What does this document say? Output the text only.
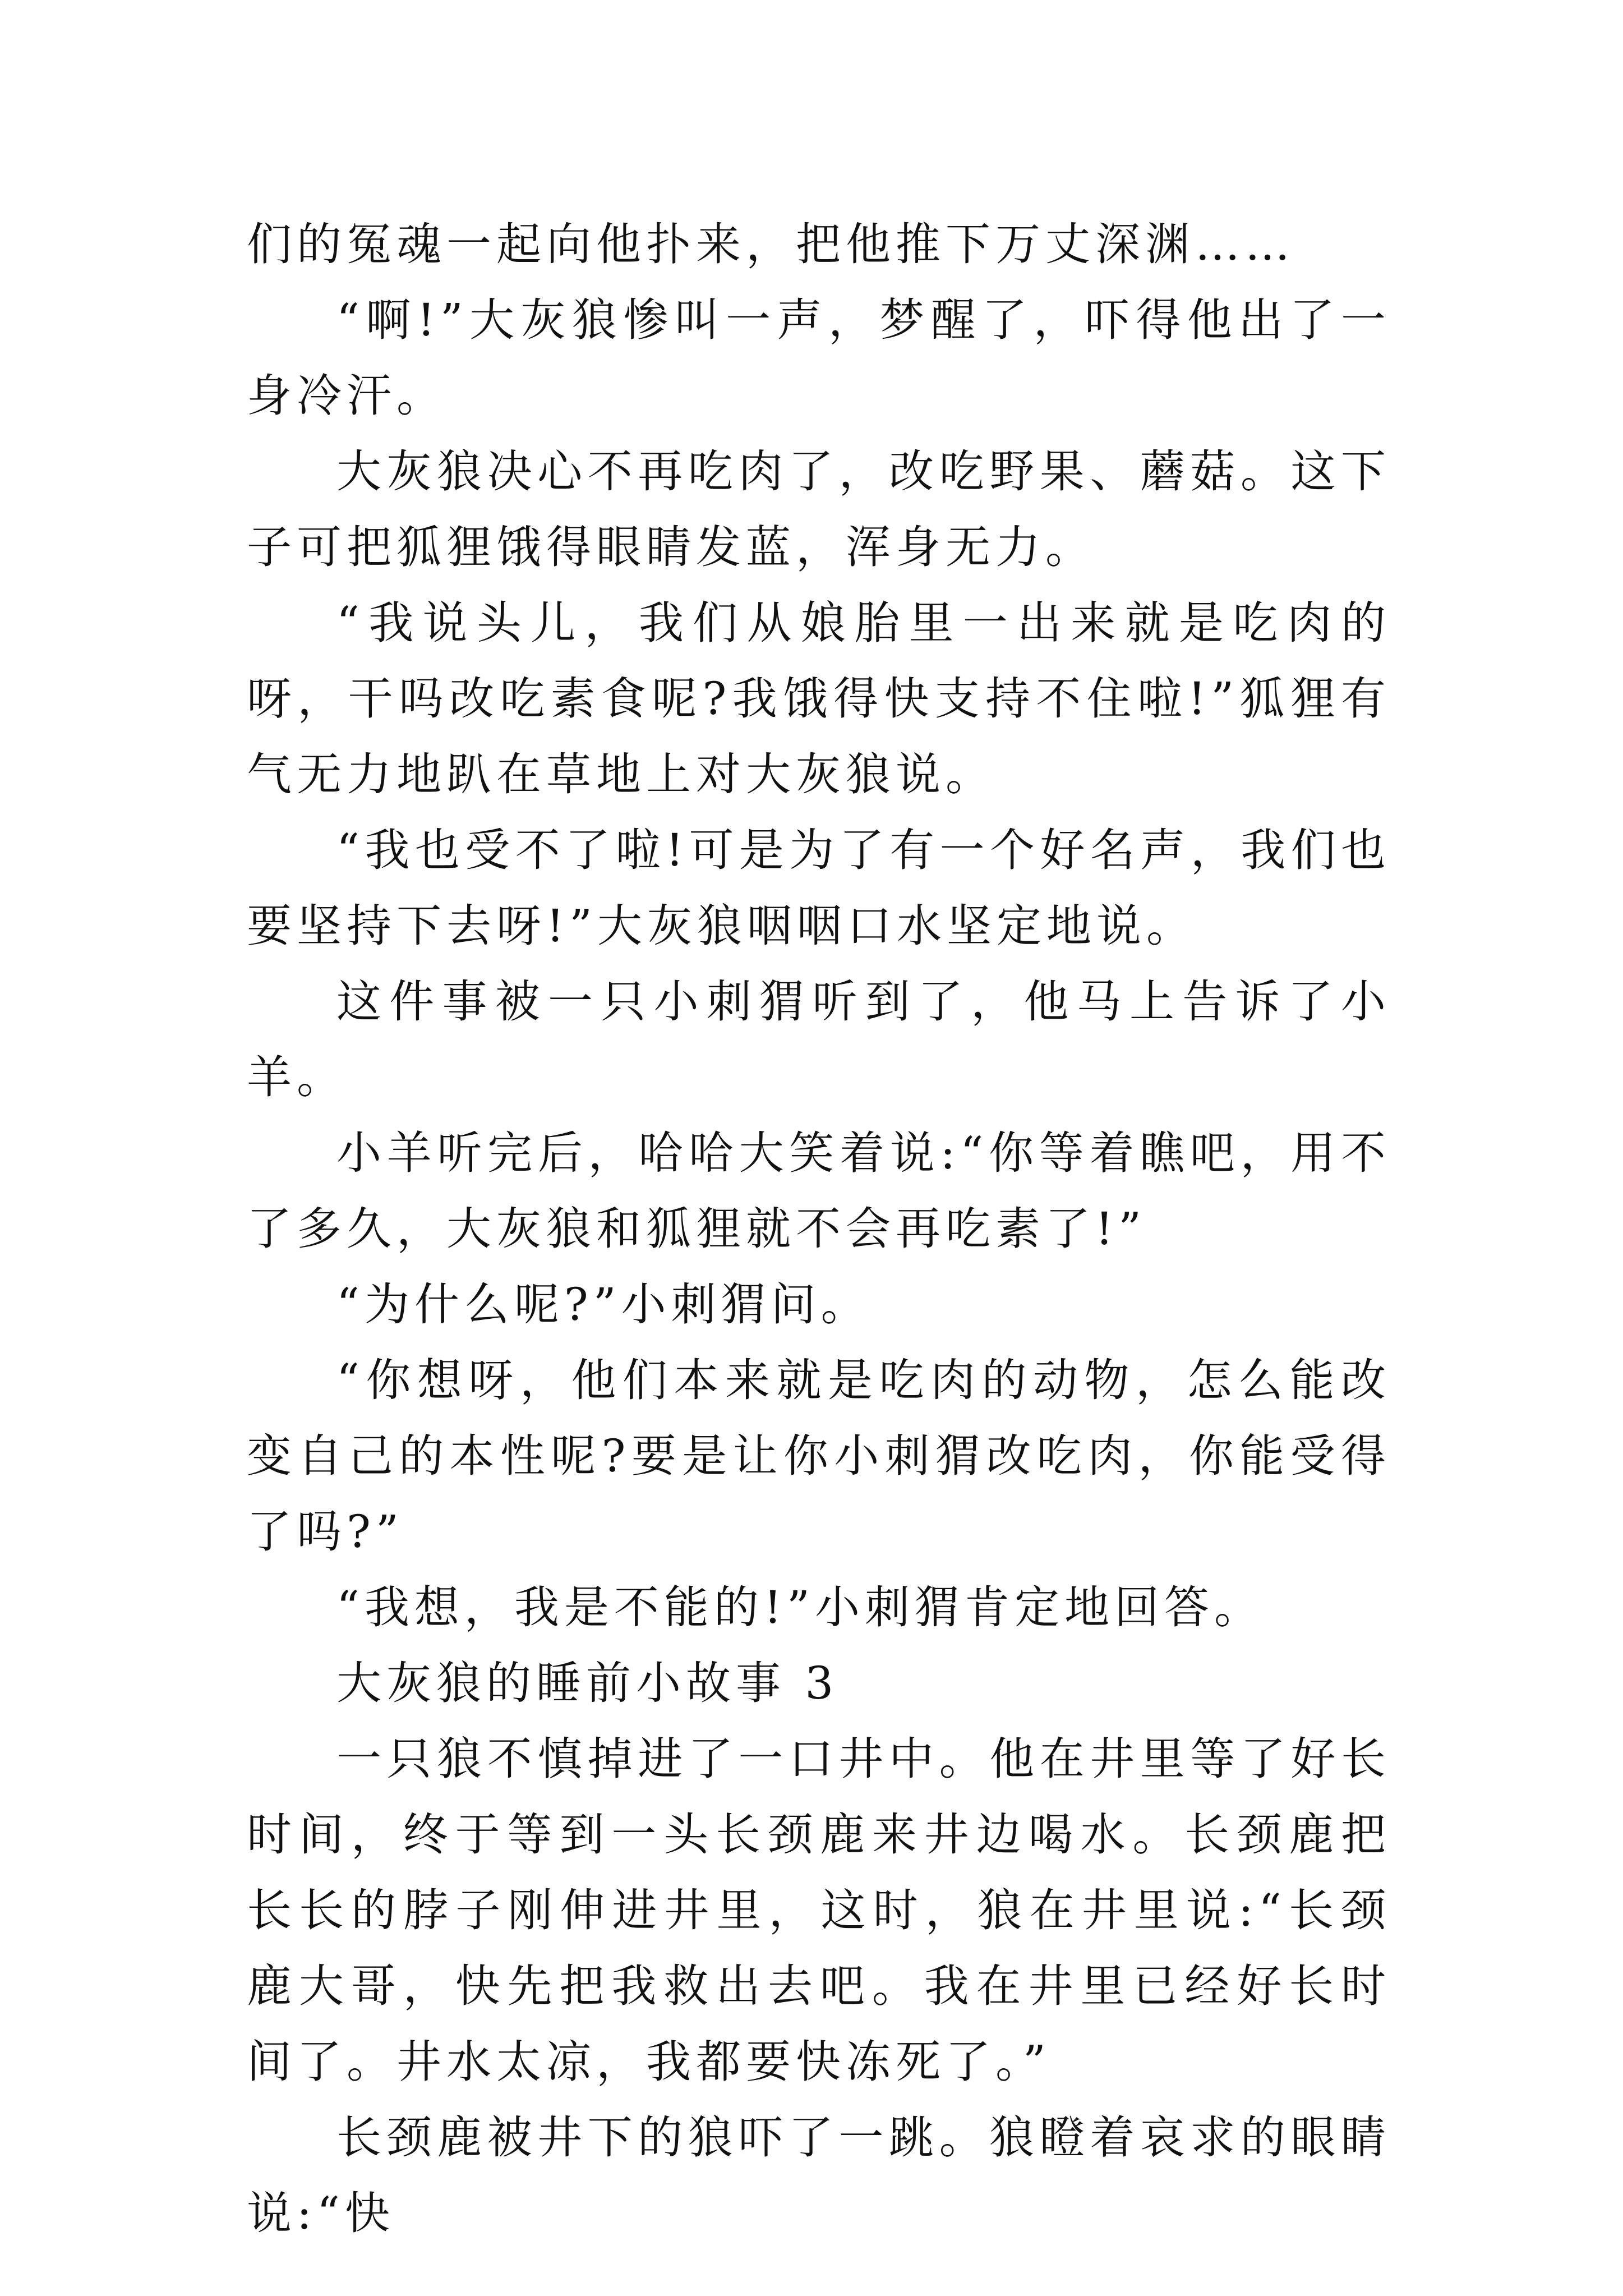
们的冤魂一起向他扑来，把他推下万丈深渊……

“啊!”大灰狼惨叫一声，梦醒了，吓得他出了一身冷汗。

大灰狼决心不再吃肉了，改吃野果、蘑菇。这下子可把狐狸饿得眼睛发蓝，浑身无力。

“我说头儿，我们从娘胎里一出来就是吃肉的呀，干吗改吃素食呢?我饿得快支持不住啦!”狐狸有气无力地趴在草地上对大灰狼说。

“我也受不了啦!可是为了有一个好名声，我们也要坚持下去呀!”大灰狼咽咽口水坚定地说。

这件事被一只小刺猬听到了，他马上告诉了小羊。

小羊听完后，哈哈大笑着说:“你等着瞧吧，用不了多久，大灰狼和狐狸就不会再吃素了!”

“为什么呢?”小刺猬问。

“你想呀，他们本来就是吃肉的动物，怎么能改变自己的本性呢?要是让你小刺猬改吃肉，你能受得了吗?”

“我想，我是不能的!”小刺猬肯定地回答。

大灰狼的睡前小故事 3

一只狼不慎掉进了一口井中。他在井里等了好长时间，终于等到一头长颈鹿来井边喝水。长颈鹿把长长的脖子刚伸进井里，这时，狼在井里说:“长颈鹿大哥，快先把我救出去吧。我在井里已经好长时间了。井水太凉，我都要快冻死了。”

长颈鹿被井下的狼吓了一跳。狼瞪着哀求的眼睛说:“快
